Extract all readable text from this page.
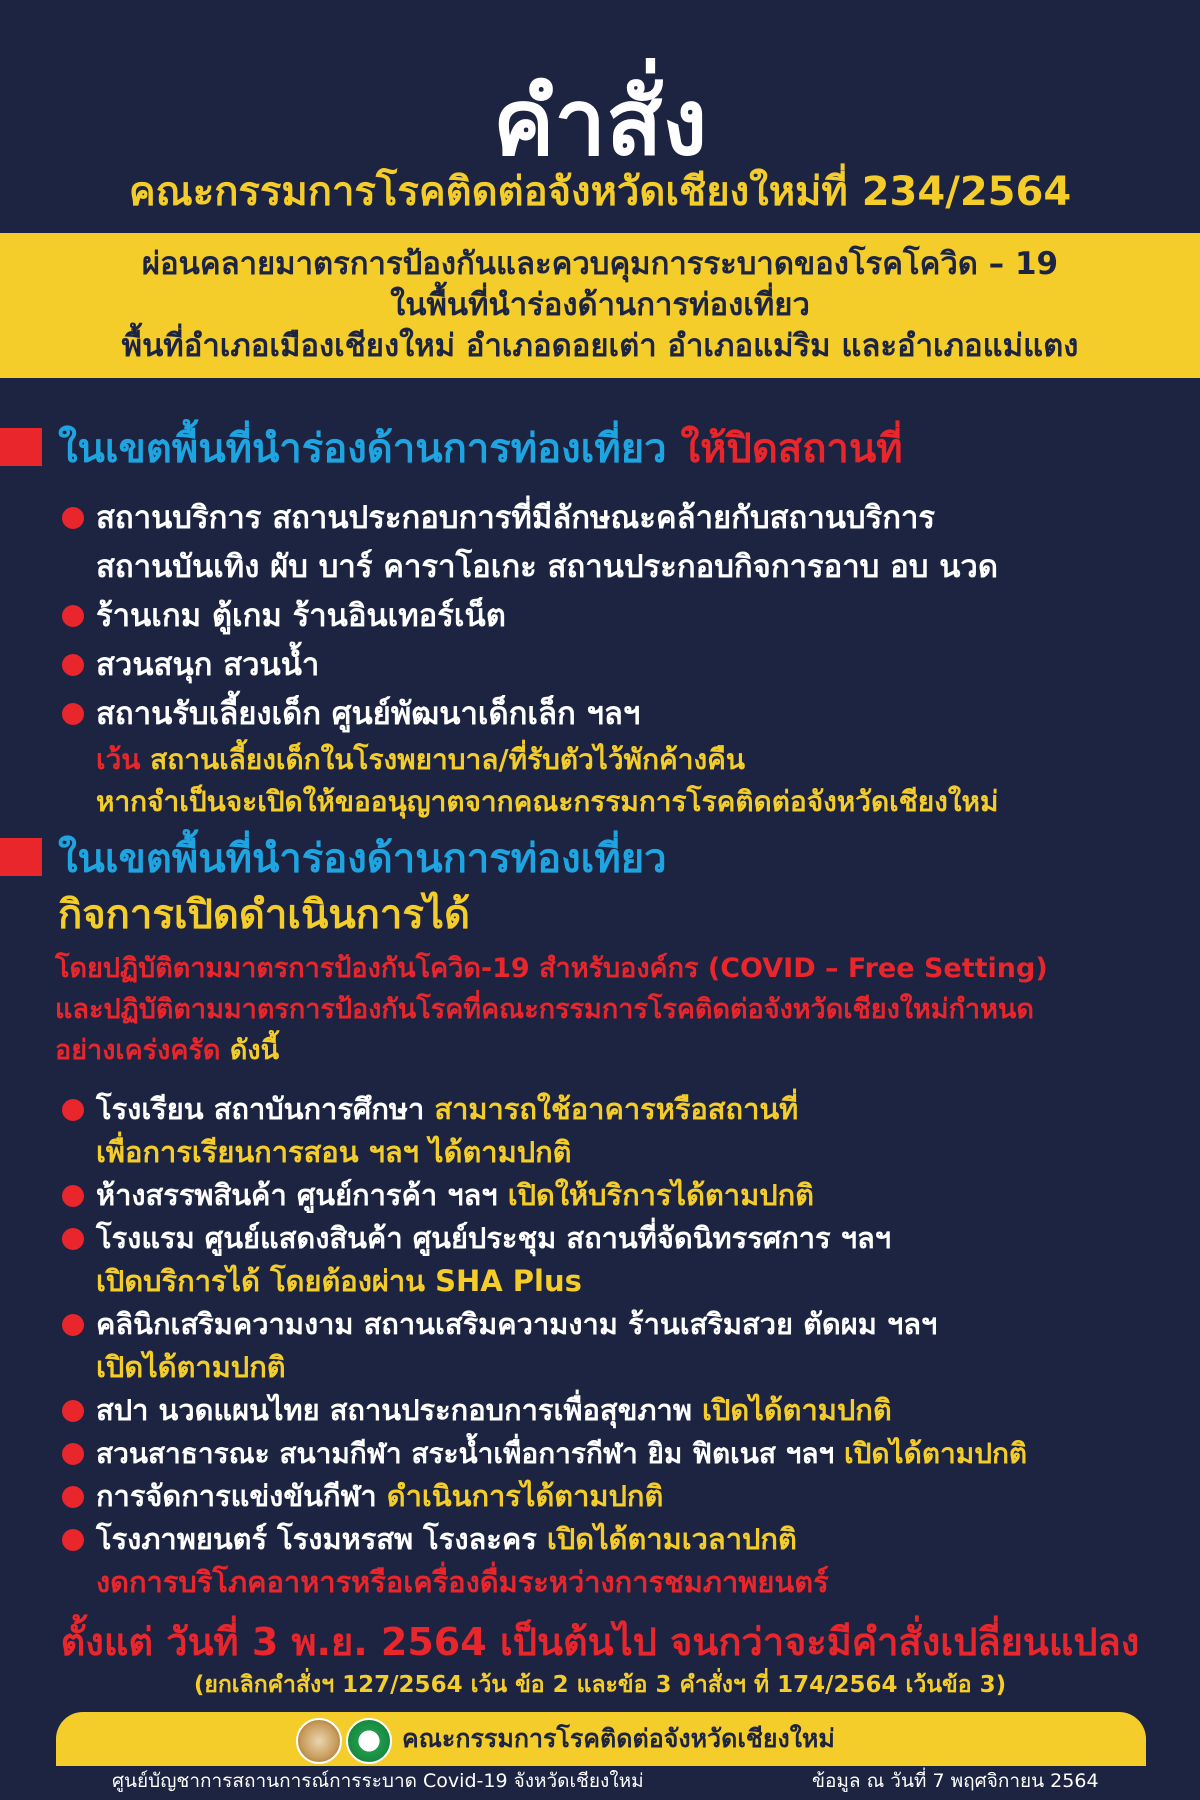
คำสั่ง
คณะกรรมการโรคติดต่อจังหวัดเชียงใหม่ที่ 234/2564
ผ่อนคลายมาตรการป้องกันและควบคุมการระบาดของโรคโควิด – 19
ในพื้นที่นำร่องด้านการท่องเที่ยว
พื้นที่อำเภอเมืองเชียงใหม่ อำเภอดอยเต่า อำเภอแม่ริม และอำเภอแม่แตง
ในเขตพื้นที่นำร่องด้านการท่องเที่ยว ให้ปิดสถานที่
สถานบริการ สถานประกอบการที่มีลักษณะคล้ายกับสถานบริการ
สถานบันเทิง ผับ บาร์ คาราโอเกะ สถานประกอบกิจการอาบ อบ นวด
ร้านเกม ตู้เกม ร้านอินเทอร์เน็ต
สวนสนุก สวนน้ำ
สถานรับเลี้ยงเด็ก ศูนย์พัฒนาเด็กเล็ก ฯลฯ
เว้น สถานเลี้ยงเด็กในโรงพยาบาล/ที่รับตัวไว้พักค้างคืน
หากจำเป็นจะเปิดให้ขออนุญาตจากคณะกรรมการโรคติดต่อจังหวัดเชียงใหม่
ในเขตพื้นที่นำร่องด้านการท่องเที่ยว
กิจการเปิดดำเนินการได้
โดยปฏิบัติตามมาตรการป้องกันโควิด-19 สำหรับองค์กร (COVID – Free Setting)
และปฏิบัติตามมาตรการป้องกันโรคที่คณะกรรมการโรคติดต่อจังหวัดเชียงใหม่กำหนด
อย่างเคร่งครัด ดังนี้
โรงเรียน สถาบันการศึกษา สามารถใช้อาคารหรือสถานที่
เพื่อการเรียนการสอน ฯลฯ ได้ตามปกติ
ห้างสรรพสินค้า ศูนย์การค้า ฯลฯ เปิดให้บริการได้ตามปกติ
โรงแรม ศูนย์แสดงสินค้า ศูนย์ประชุม สถานที่จัดนิทรรศการ ฯลฯ
เปิดบริการได้ โดยต้องผ่าน SHA Plus
คลินิกเสริมความงาม สถานเสริมความงาม ร้านเสริมสวย ตัดผม ฯลฯ
เปิดได้ตามปกติ
สปา นวดแผนไทย สถานประกอบการเพื่อสุขภาพ เปิดได้ตามปกติ
สวนสาธารณะ สนามกีฬา สระน้ำเพื่อการกีฬา ยิม ฟิตเนส ฯลฯ เปิดได้ตามปกติ
การจัดการแข่งขันกีฬา ดำเนินการได้ตามปกติ
โรงภาพยนตร์ โรงมหรสพ โรงละคร เปิดได้ตามเวลาปกติ
งดการบริโภคอาหารหรือเครื่องดื่มระหว่างการชมภาพยนตร์
ตั้งแต่ วันที่ 3 พ.ย. 2564 เป็นต้นไป จนกว่าจะมีคำสั่งเปลี่ยนแปลง
(ยกเลิกคำสั่งฯ 127/2564 เว้น ข้อ 2 และข้อ 3 คำสั่งฯ ที่ 174/2564 เว้นข้อ 3)
คณะกรรมการโรคติดต่อจังหวัดเชียงใหม่
ศูนย์บัญชาการสถานการณ์การระบาด Covid-19 จังหวัดเชียงใหม่	ข้อมูล ณ วันที่ 7 พฤศจิกายน 2564
